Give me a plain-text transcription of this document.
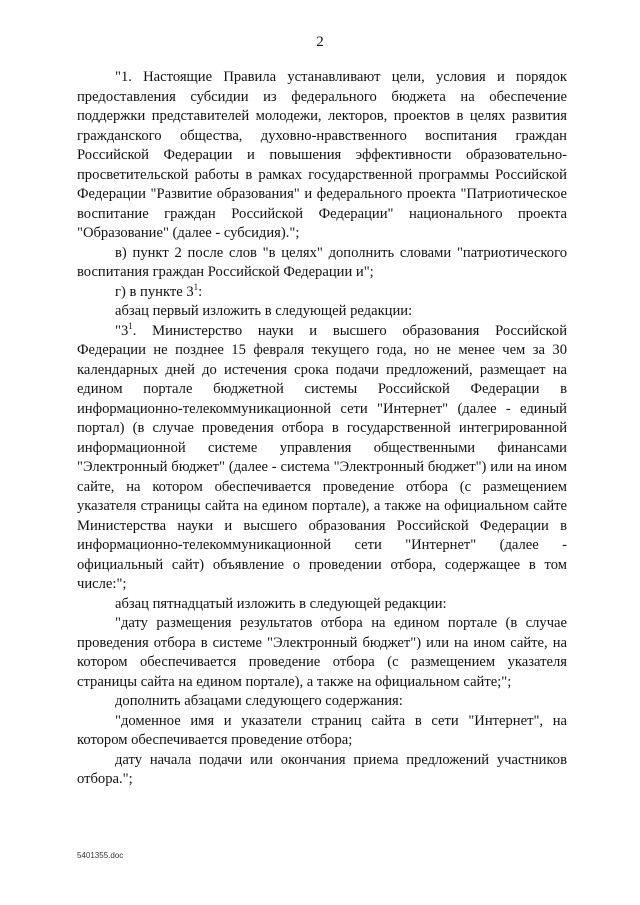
2

"1. Настоящие Правила устанавливают цели, условия и порядок предоставления субсидии из федерального бюджета на обеспечение поддержки представителей молодежи, лекторов, проектов в целях развития гражданского общества, духовно-нравственного воспитания граждан Российской Федерации и повышения эффективности образовательно-просветительской работы в рамках государственной программы Российской Федерации "Развитие образования" и федерального проекта "Патриотическое воспитание граждан Российской Федерации" национального проекта "Образование" (далее - субсидия).";

в) пункт 2 после слов "в целях" дополнить словами "патриотического воспитания граждан Российской Федерации и";

г) в пункте $3^1$:

абзац первый изложить в следующей редакции:

"$3^1$. Министерство науки и высшего образования Российской Федерации не позднее 15 февраля текущего года, но не менее чем за 30 календарных дней до истечения срока подачи предложений, размещает на едином портале бюджетной системы Российской Федерации в информационно-телекоммуникационной сети "Интернет" (далее - единый портал) (в случае проведения отбора в государственной интегрированной информационной системе управления общественными финансами "Электронный бюджет" (далее - система "Электронный бюджет") или на ином сайте, на котором обеспечивается проведение отбора (с размещением указателя страницы сайта на едином портале), а также на официальном сайте Министерства науки и высшего образования Российской Федерации в информационно-телекоммуникационной сети "Интернет" (далее - официальный сайт) объявление о проведении отбора, содержащее в том числе:";

абзац пятнадцатый изложить в следующей редакции:

"дату размещения результатов отбора на едином портале (в случае проведения отбора в системе "Электронный бюджет") или на ином сайте, на котором обеспечивается проведение отбора (с размещением указателя страницы сайта на едином портале), а также на официальном сайте;";

дополнить абзацами следующего содержания:

"доменное имя и указатели страниц сайта в сети "Интернет", на котором обеспечивается проведение отбора;

дату начала подачи или окончания приема предложений участников отбора.";

5401355.doc
